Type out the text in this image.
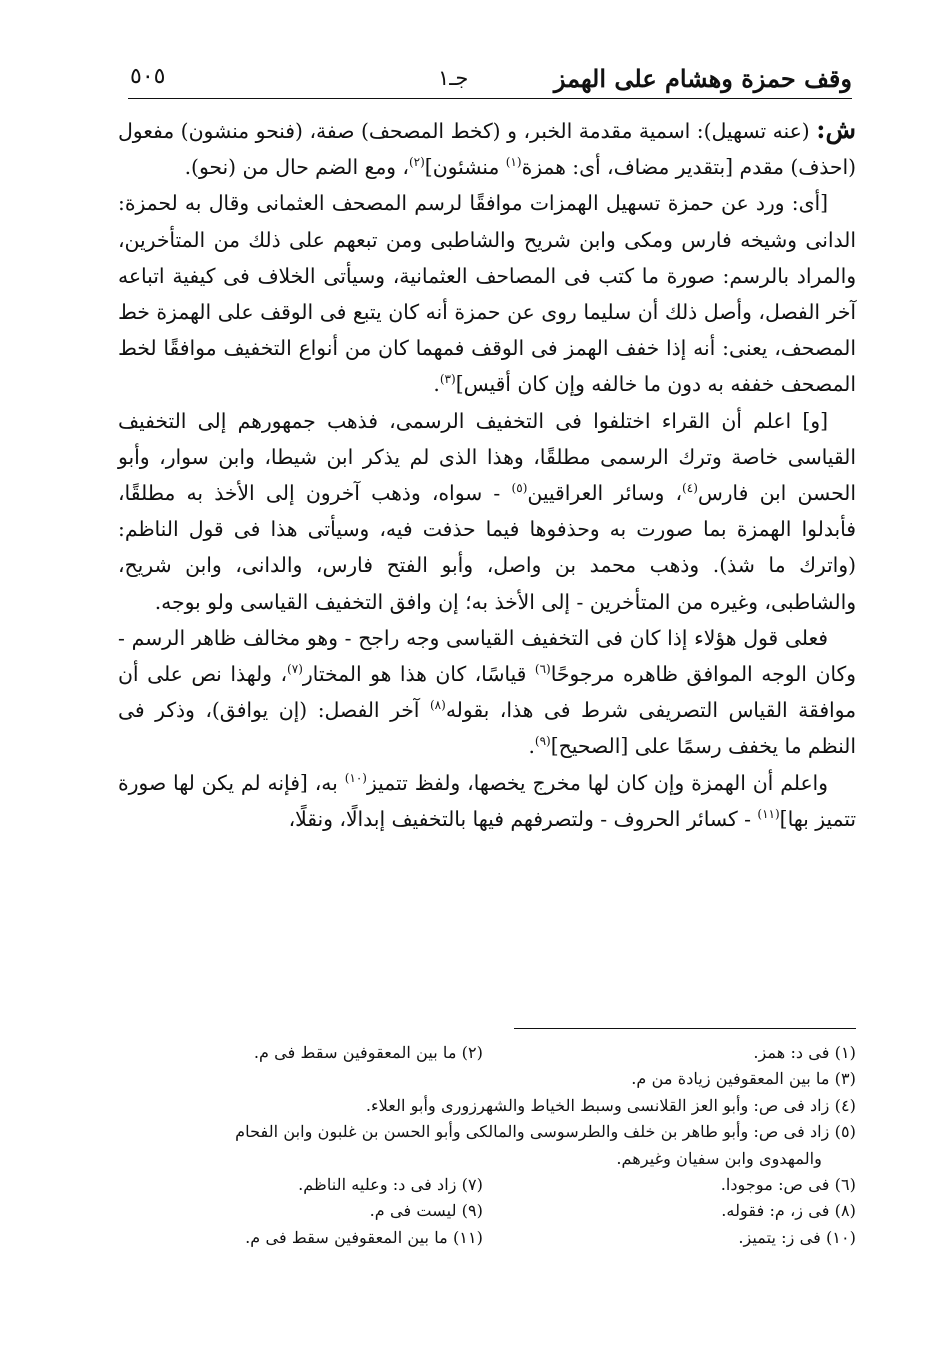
وقف حمزة وهشام على الهمز
جـ١
٥٠٥

ش: (عنه تسهيل): اسمية مقدمة الخبر، و (كخط المصحف) صفة، (فنحو منشون) مفعول (احذف) مقدم [بتقدير مضاف، أى: همزة$^{(١)}$ منشئون]$^{(٢)}$، ومع الضم حال من (نحو).

[أى: ورد عن حمزة تسهيل الهمزات موافقًا لرسم المصحف العثمانى وقال به لحمزة: الدانى وشيخه فارس ومكى وابن شريح والشاطبى ومن تبعهم على ذلك من المتأخرين، والمراد بالرسم: صورة ما كتب فى المصاحف العثمانية، وسيأتى الخلاف فى كيفية اتباعه آخر الفصل، وأصل ذلك أن سليما روى عن حمزة أنه كان يتبع فى الوقف على الهمزة خط المصحف، يعنى: أنه إذا خفف الهمز فى الوقف فمهما كان من أنواع التخفيف موافقًا لخط المصحف خففه به دون ما خالفه وإن كان أقيس]$^{(٣)}$.

[و] اعلم أن القراء اختلفوا فى التخفيف الرسمى، فذهب جمهورهم إلى التخفيف القياسى خاصة وترك الرسمى مطلقًا، وهذا الذى لم يذكر ابن شيطا، وابن سوار، وأبو الحسن ابن فارس$^{(٤)}$، وسائر العراقيين$^{(٥)}$ - سواه، وذهب آخرون إلى الأخذ به مطلقًا، فأبدلوا الهمزة بما صورت به وحذفوها فيما حذفت فيه، وسيأتى هذا فى قول الناظم: (واترك ما شذ). وذهب محمد بن واصل، وأبو الفتح فارس، والدانى، وابن شريح، والشاطبى، وغيره من المتأخرين - إلى الأخذ به؛ إن وافق التخفيف القياسى ولو بوجه.

فعلى قول هؤلاء إذا كان فى التخفيف القياسى وجه راجح - وهو مخالف ظاهر الرسم - وكان الوجه الموافق ظاهره مرجوحًا$^{(٦)}$ قياسًا، كان هذا هو المختار$^{(٧)}$، ولهذا نص على أن موافقة القياس التصريفى شرط فى هذا، بقوله$^{(٨)}$ آخر الفصل: (إن يوافق)، وذكر فى النظم ما يخفف رسمًا على [الصحيح]$^{(٩)}$.

واعلم أن الهمزة وإن كان لها مخرج يخصها، ولفظ تتميز$^{(١٠)}$ به، [فإنه لم يكن لها صورة تتميز بها]$^{(١١)}$ - كسائر الحروف - ولتصرفهم فيها بالتخفيف إبدالًا، ونقلًا،

(١) فى د: همز.
(٢) ما بين المعقوفين سقط فى م.
(٣) ما بين المعقوفين زيادة من م.
(٤) زاد فى ص: وأبو العز القلانسى وسبط الخياط والشهرزورى وأبو العلاء.
(٥) زاد فى ص: وأبو طاهر بن خلف والطرسوسى والمالكى وأبو الحسن بن غلبون وابن الفحام
والمهدوى وابن سفيان وغيرهم.
(٦) فى ص: موجودا.
(٧) زاد فى د: وعليه الناظم.
(٨) فى ز، م: فقوله.
(٩) ليست فى م.
(١٠) فى ز: يتميز.
(١١) ما بين المعقوفين سقط فى م.
